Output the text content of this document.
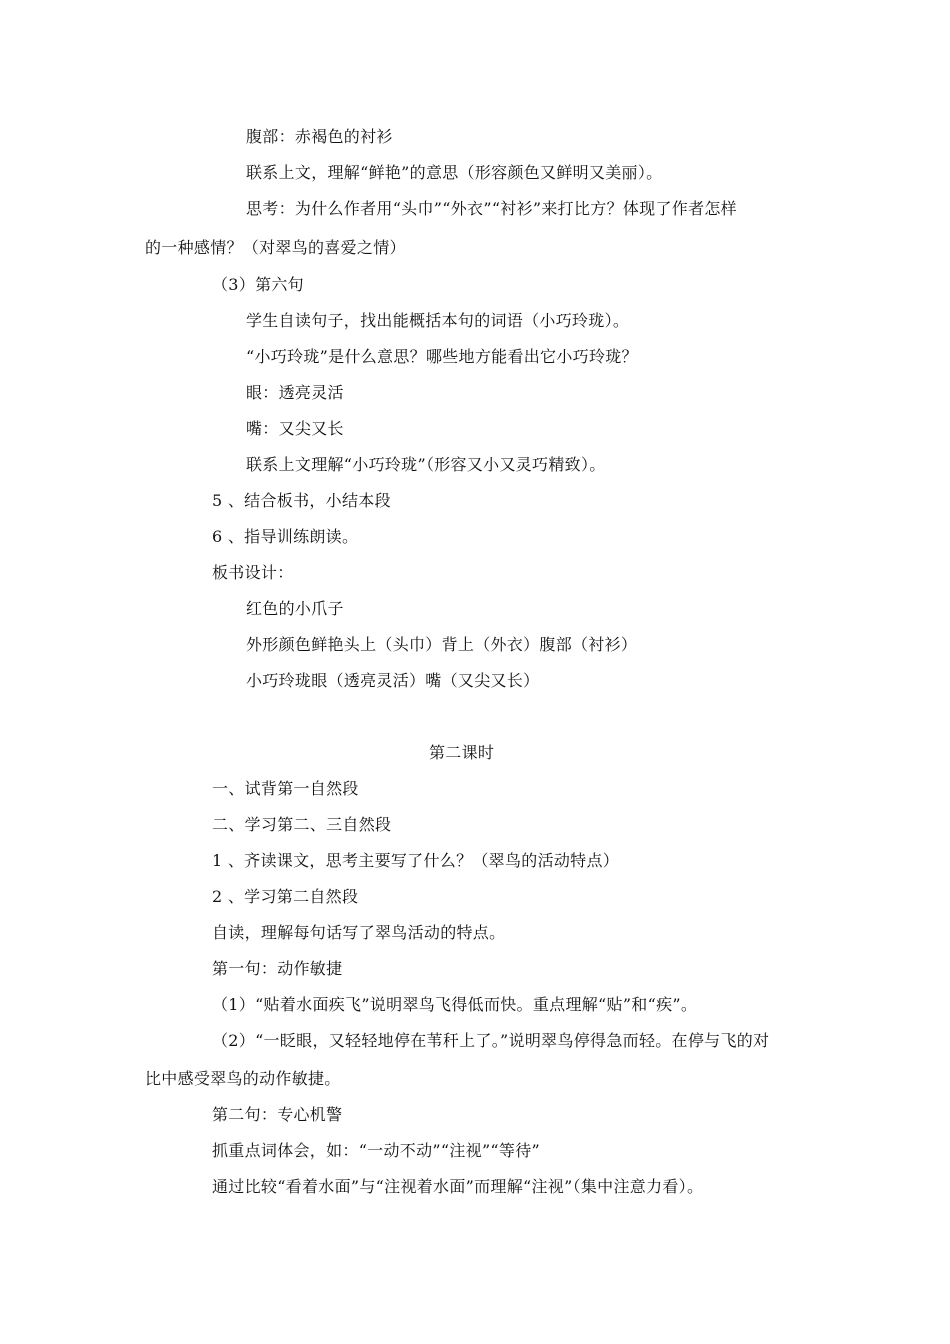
腹部：赤褐色的衬衫
联系上文，理解“鲜艳”的意思（形容颜色又鲜明又美丽）。
思考：为什么作者用“头巾”“外衣”“衬衫”来打比方？体现了作者怎样
的一种感情？（对翠鸟的喜爱之情）
（3）第六句
学生自读句子，找出能概括本句的词语（小巧玲珑）。
“小巧玲珑”是什么意思？哪些地方能看出它小巧玲珑？
眼：透亮灵活
嘴：又尖又长
联系上文理解“小巧玲珑”（形容又小又灵巧精致）。
5 、结合板书，小结本段
6 、指导训练朗读。
板书设计：
红色的小爪子
外形颜色鲜艳头上（头巾）背上（外衣）腹部（衬衫）
小巧玲珑眼（透亮灵活）嘴（又尖又长）
第二课时
一、试背第一自然段
二、学习第二、三自然段
1 、齐读课文，思考主要写了什么？（翠鸟的活动特点）
2 、学习第二自然段
自读，理解每句话写了翠鸟活动的特点。
第一句：动作敏捷
（1）“贴着水面疾飞”说明翠鸟飞得低而快。重点理解“贴”和“疾”。
（2）“一眨眼，又轻轻地停在苇秆上了。”说明翠鸟停得急而轻。在停与飞的对
比中感受翠鸟的动作敏捷。
第二句：专心机警
抓重点词体会，如：“一动不动”“注视”“等待”
通过比较“看着水面”与“注视着水面”而理解“注视”（集中注意力看）。
